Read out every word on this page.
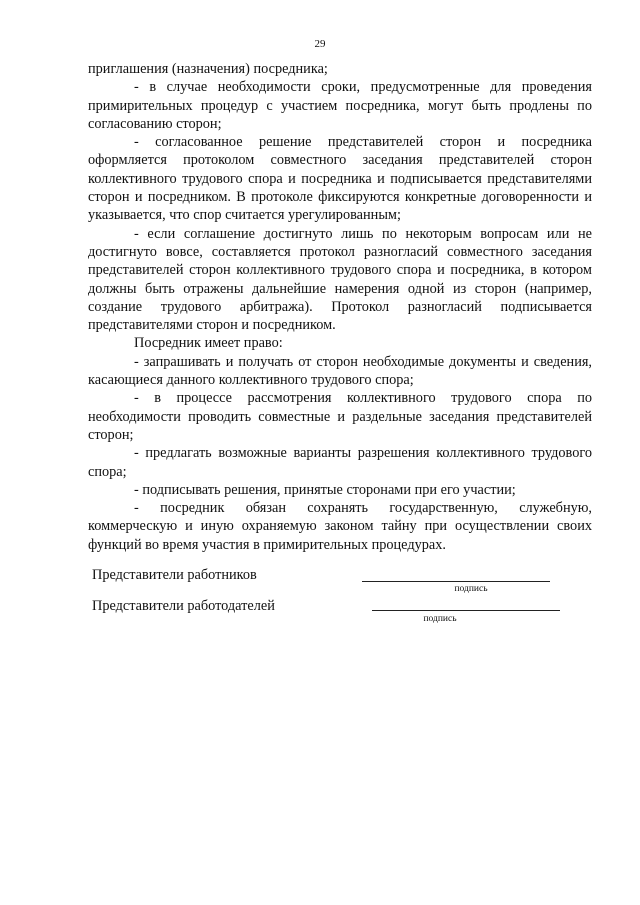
29

приглашения (назначения) посредника;

- в случае необходимости сроки, предусмотренные для проведения примирительных процедур с участием посредника, могут быть продлены по согласованию сторон;

- согласованное решение представителей сторон и посредника оформляется протоколом совместного заседания представителей сторон коллективного трудового спора и посредника и подписывается представителями сторон и посредником. В протоколе фиксируются конкретные договоренности и указывается, что спор считается урегулированным;

- если соглашение достигнуто лишь по некоторым вопросам или не достигнуто вовсе, составляется протокол разногласий совместного заседания представителей сторон коллективного трудового спора и посредника, в котором должны быть отражены дальнейшие намерения одной из сторон (например, создание трудового арбитража). Протокол разногласий подписывается представителями сторон и посредником.

Посредник имеет право:

- запрашивать и получать от сторон необходимые документы и сведения, касающиеся данного коллективного трудового спора;

- в процессе рассмотрения коллективного трудового спора по необходимости проводить совместные и раздельные заседания представителей сторон;

- предлагать возможные варианты разрешения коллективного трудового спора;

- подписывать решения, принятые сторонами при его участии;

- посредник обязан сохранять государственную, служебную, коммерческую и иную охраняемую законом тайну при осуществлении своих функций во время участия в примирительных процедурах.

Представители работников
подпись
Представители работодателей
подпись
